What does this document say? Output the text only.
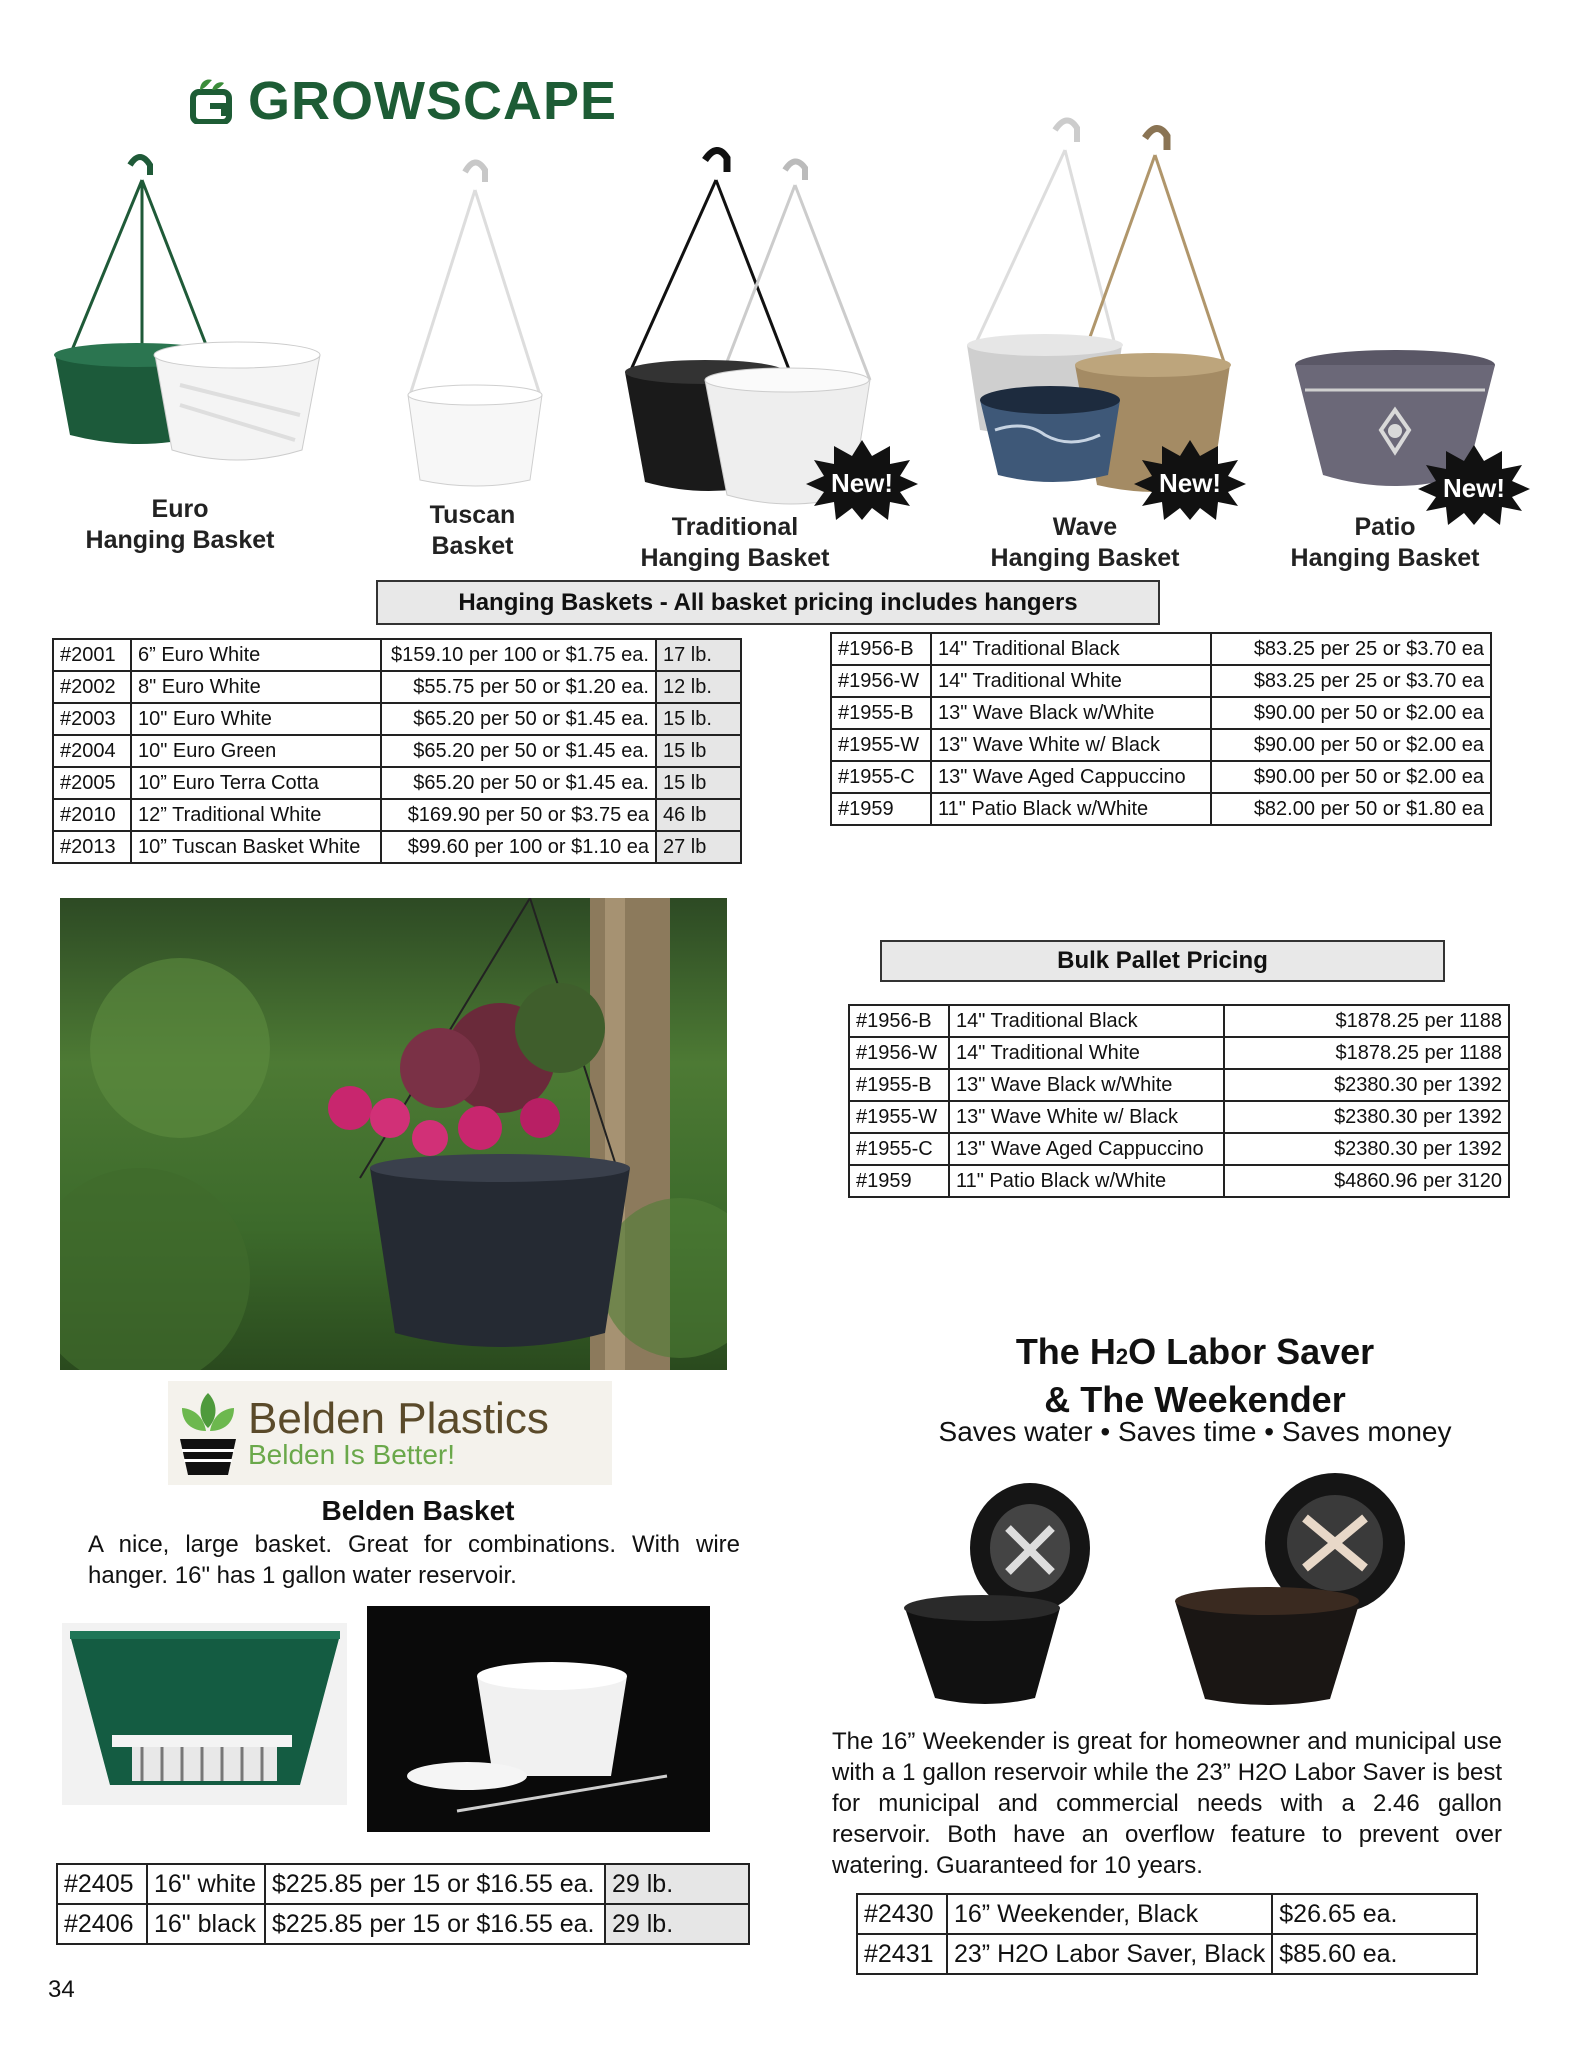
GROWSCAPE
New!	New!	New!
Euro
Hanging Basket
Tuscan
Basket
Traditional
Hanging Basket
Wave
Hanging Basket
Patio
Hanging Basket
Hanging Baskets - All basket pricing includes hangers
#2001	6” Euro White	$159.10 per 100 or $1.75 ea.	17 lb.
#2002	8" Euro White	$55.75 per 50 or $1.20 ea.	12 lb.
#2003	10" Euro White	$65.20 per 50 or $1.45 ea.	15 lb.
#2004	10" Euro Green	$65.20 per 50 or $1.45 ea.	15 lb
#2005	10” Euro Terra Cotta	$65.20 per 50 or $1.45 ea.	15 lb
#2010	12” Traditional White	$169.90 per 50 or $3.75 ea	46 lb
#2013	10” Tuscan Basket White	$99.60 per 100 or $1.10 ea	27 lb
#1956-B	14" Traditional Black	$83.25 per 25 or $3.70 ea
#1956-W	14" Traditional White	$83.25 per 25 or $3.70 ea
#1955-B	13" Wave Black w/White	$90.00 per 50 or $2.00 ea
#1955-W	13" Wave White w/ Black	$90.00 per 50 or $2.00 ea
#1955-C	13" Wave Aged Cappuccino	$90.00 per 50 or $2.00 ea
#1959	11" Patio Black w/White	$82.00 per 50 or $1.80 ea
Bulk Pallet Pricing
#1956-B	14" Traditional Black	$1878.25 per 1188
#1956-W	14" Traditional White	$1878.25 per 1188
#1955-B	13" Wave Black w/White	$2380.30 per 1392
#1955-W	13" Wave White w/ Black	$2380.30 per 1392
#1955-C	13" Wave Aged Cappuccino	$2380.30 per 1392
#1959	11" Patio Black w/White	$4860.96 per 3120
Belden Plastics
Belden Is Better!
Belden Basket
A nice, large basket. Great for combinations. With wire hanger. 16" has 1 gallon water reservoir.
#2405	16" white	$225.85 per 15 or $16.55 ea.	29 lb.
#2406	16" black	$225.85 per 15 or $16.55 ea.	29 lb.
The H2O Labor Saver
& The Weekender
Saves water • Saves time • Saves money
The 16” Weekender is great for homeowner and municipal use with a 1 gallon reservoir while the 23” H2O Labor Saver is best for municipal and commercial needs with a 2.46 gallon reservoir. Both have an overflow feature to prevent over watering. Guaranteed for 10 years.
#2430	16” Weekender, Black	$26.65 ea.
#2431	23” H2O Labor Saver, Black	$85.60 ea.
34
